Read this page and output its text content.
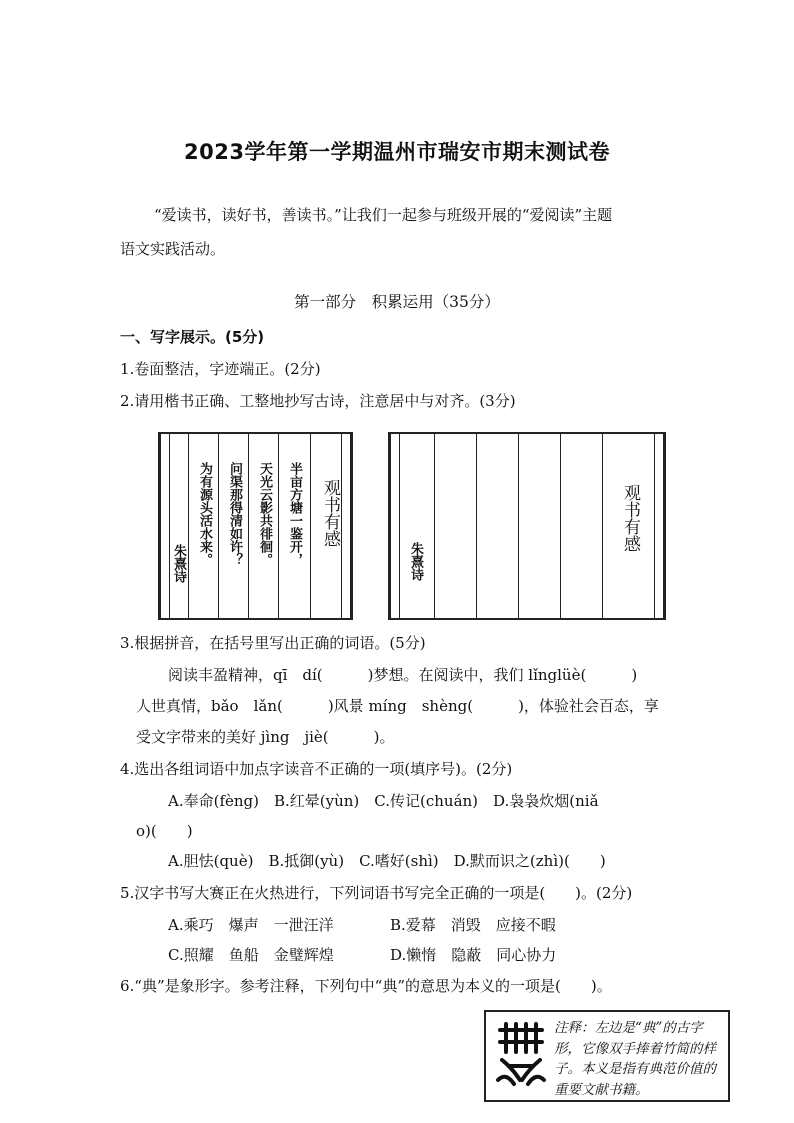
2023学年第一学期温州市瑞安市期末测试卷
“爱读书，读好书，善读书。”让我们一起参与班级开展的“爱阅读”主题
语文实践活动。
第一部分　积累运用（35分）
一、写字展示。(5分)
1.卷面整洁，字迹端正。(2分)
2.请用楷书正确、工整地抄写古诗，注意居中与对齐。(3分)
朱熹诗 为有源头活水来。 问渠那得清如许？ 天光云影共徘徊。 半亩方塘一鉴开， 观书有感
朱熹诗
观书有感
3.根据拼音，在括号里写出正确的词语。(5分)
阅读丰盈精神，qī　dí(　　　)梦想。在阅读中，我们 lǐnglüè(　　　)
人世真情，bǎo　lǎn(　　　)风景 míng　shèng(　　　)，体验社会百态，享
受文字带来的美好 jìng　jiè(　　　)。
4.选出各组词语中加点字读音不正确的一项(填序号)。(2分)
A.奉命(fèng)　B.红晕(yùn)　C.传记(chuán)　D.袅袅炊烟(niǎ
o)(　　)
A.胆怯(què)　B.抵御(yù)　C.嗜好(shì)　D.默而识之(zhì)(　　)
5.汉字书写大赛正在火热进行，下列词语书写完全正确的一项是(　　)。(2分)
A.乘巧　爆声　一泄汪洋	B.爱幕　消毁　应接不暇
C.照耀　鱼船　金璧辉煌	D.懒惰　隐蔽　同心协力
6.“典”是象形字。参考注释，下列句中“典”的意思为本义的一项是(　　)。
注释：左边是“典”的古字形，它像双手捧着竹简的样子。本义是指有典范价值的重要文献书籍。
